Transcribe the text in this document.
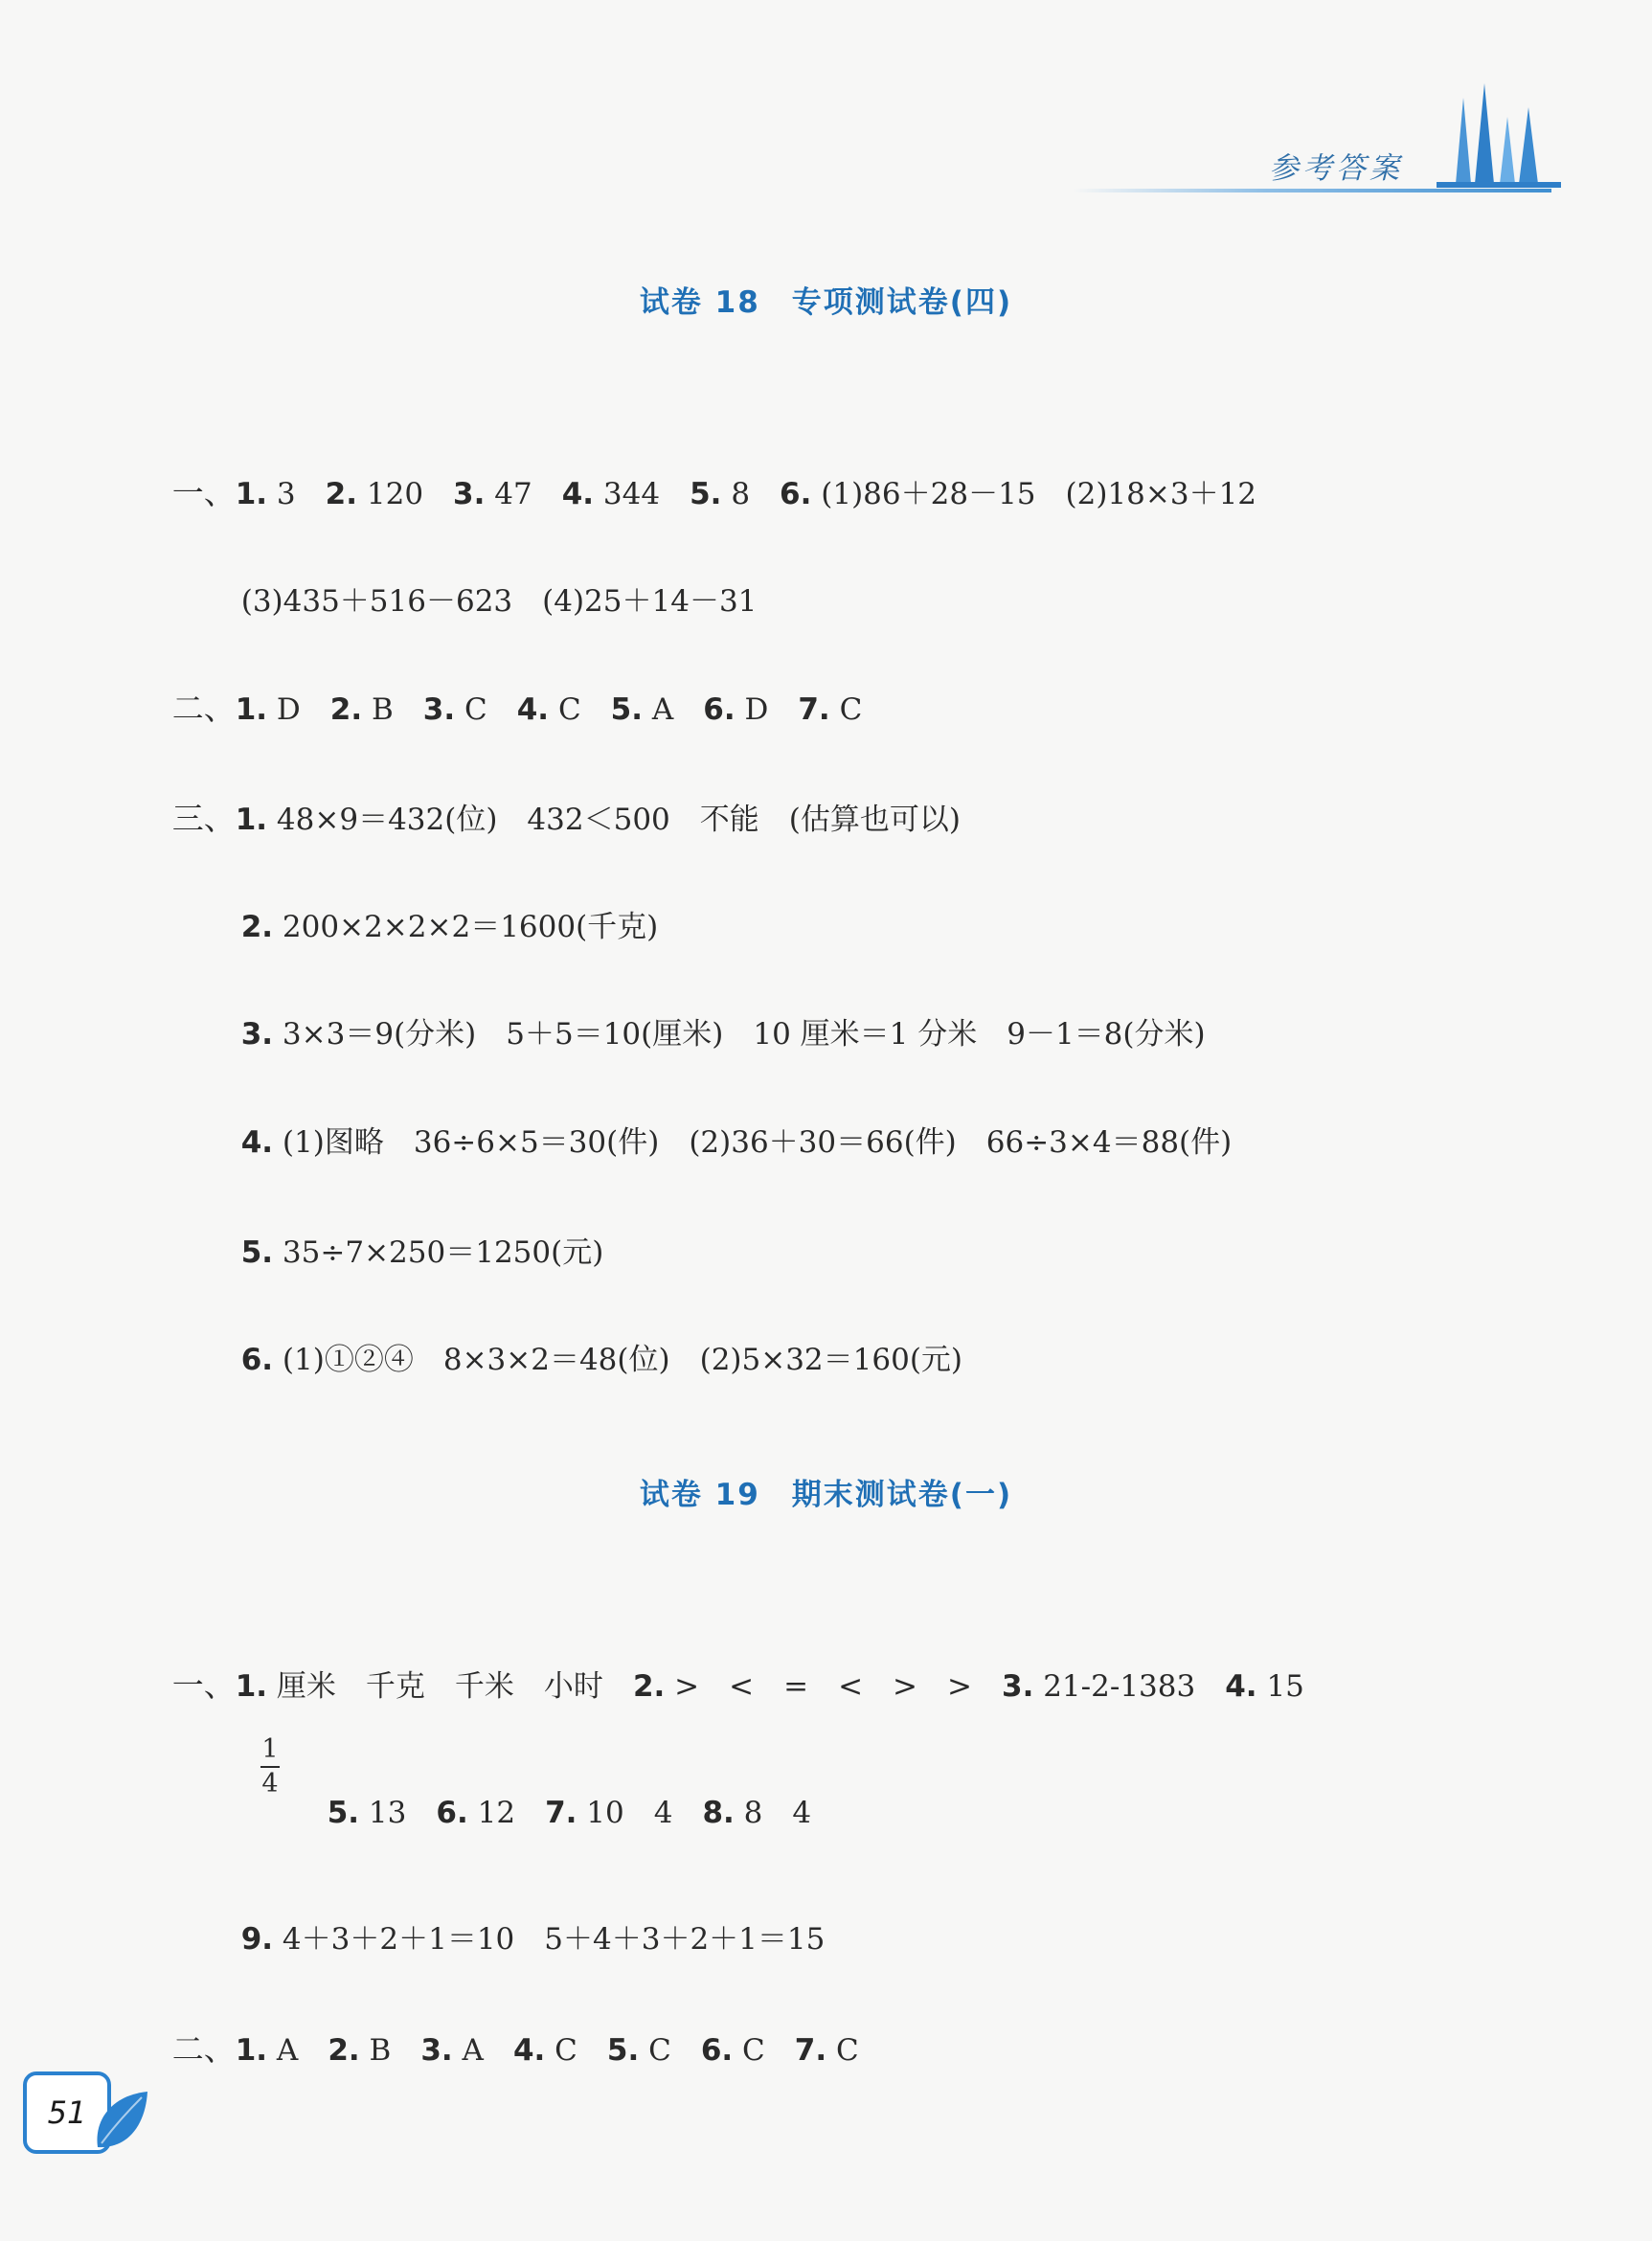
参考答案
试卷 18　专项测试卷(四)

一、1. 3　2. 120　3. 47　4. 344　5. 8　6. (1)86＋28－15　(2)18×3＋12

(3)435＋516－623　(4)25＋14－31

二、1. D　2. B　3. C　4. C　5. A　6. D　7. C

三、1. 48×9＝432(位)　432＜500　不能　(估算也可以)

2. 200×2×2×2＝1600(千克)

3. 3×3＝9(分米)　5＋5＝10(厘米)　10 厘米＝1 分米　9－1＝8(分米)

4. (1)图略　36÷6×5＝30(件)　(2)36＋30＝66(件)　66÷3×4＝88(件)

5. 35÷7×250＝1250(元)

6. (1)①②④　8×3×2＝48(位)　(2)5×32＝160(元)

试卷 19　期末测试卷(一)

一、1. 厘米　千克　千米　小时　2. >　<　=　<　>　>　3. 21-2-1383　4. 15

1
4

5. 13　6. 12　7. 10　4　8. 8　4

9. 4＋3＋2＋1＝10　5＋4＋3＋2＋1＝15

二、1. A　2. B　3. A　4. C　5. C　6. C　7. C

51
